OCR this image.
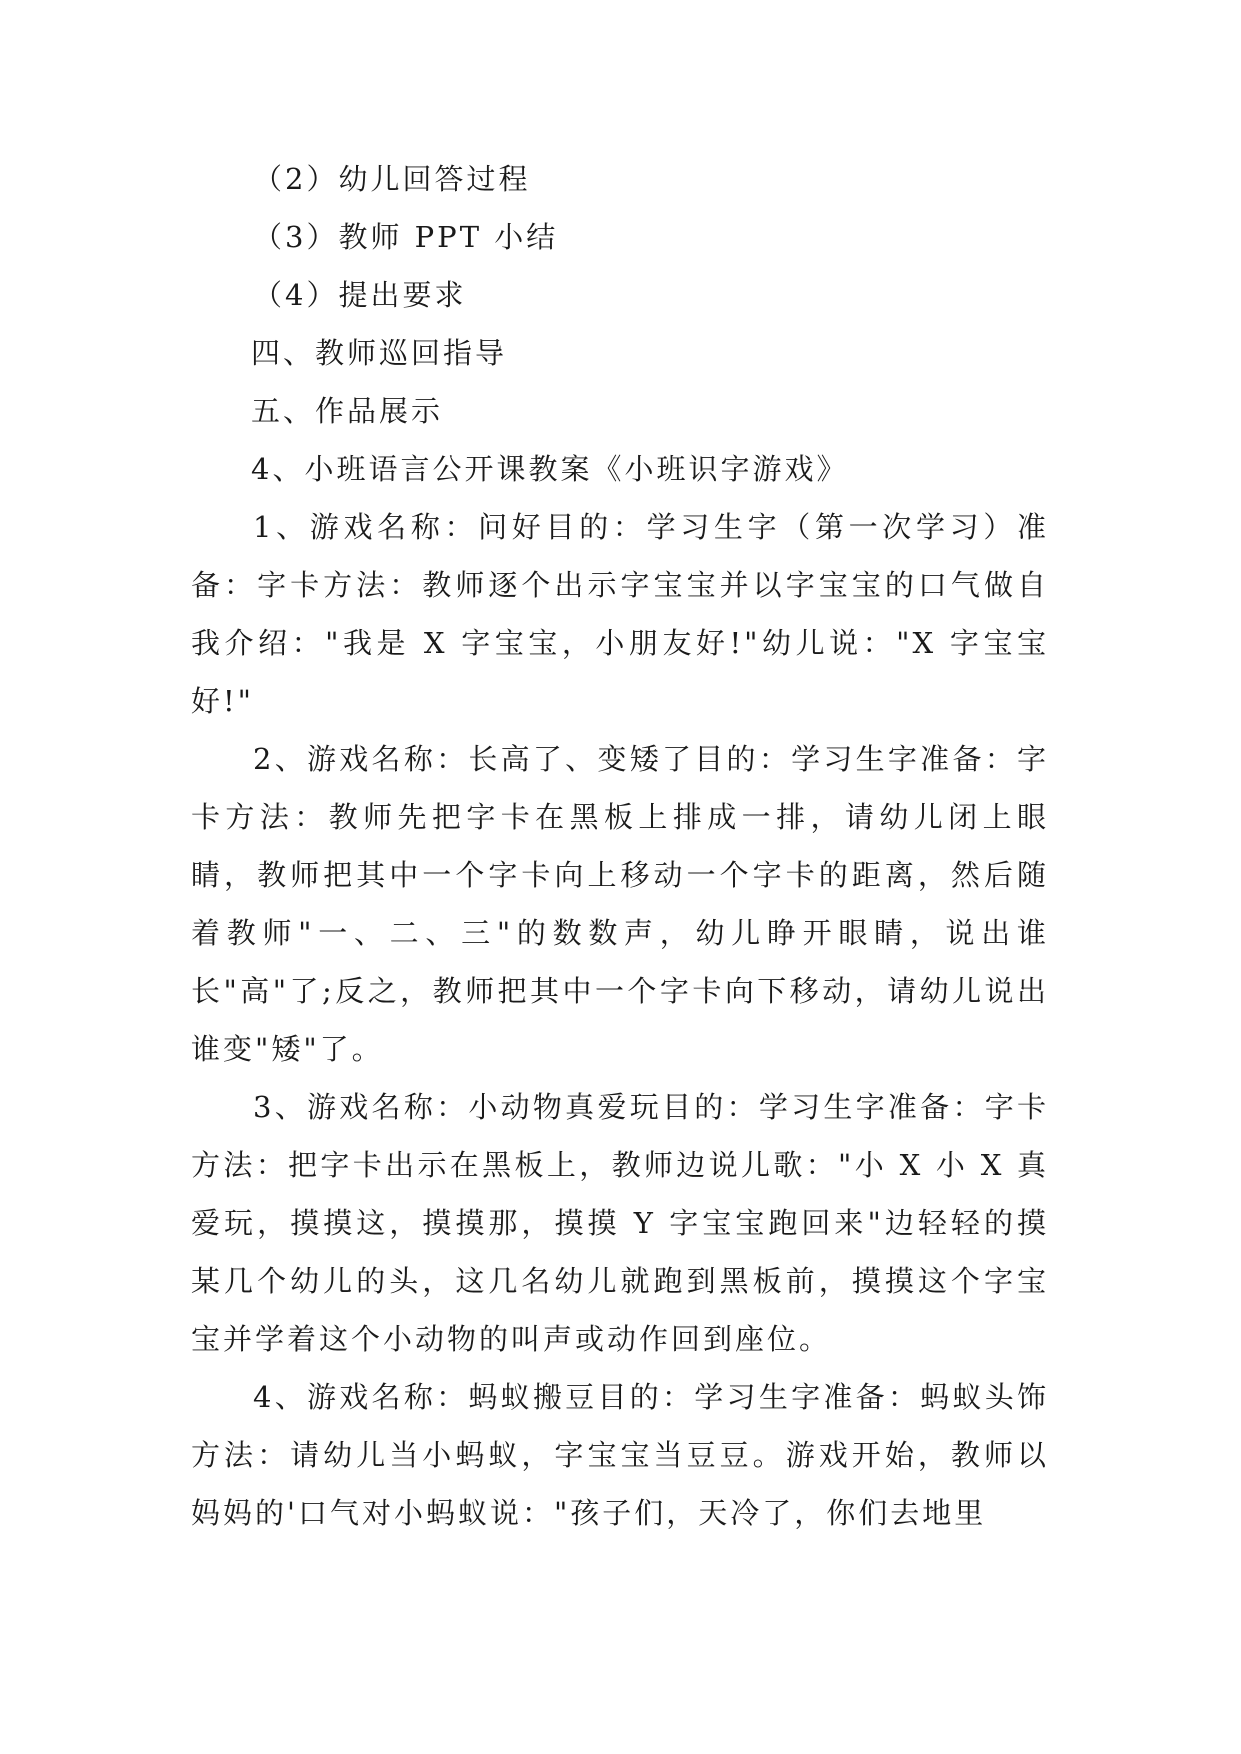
（2）幼儿回答过程
（3）教师 PPT 小结
（4）提出要求
四、教师巡回指导
五、作品展示
4、小班语言公开课教案《小班识字游戏》

1、游戏名称：问好目的：学习生字（第一次学习）准备：字卡方法：教师逐个出示字宝宝并以字宝宝的口气做自我介绍："我是 X 字宝宝，小朋友好!"幼儿说："X 字宝宝好!"

2、游戏名称：长高了、变矮了目的：学习生字准备：字卡方法：教师先把字卡在黑板上排成一排，请幼儿闭上眼睛，教师把其中一个字卡向上移动一个字卡的距离，然后随着教师"一、二、三"的数数声，幼儿睁开眼睛，说出谁长"高"了;反之，教师把其中一个字卡向下移动，请幼儿说出谁变"矮"了。

3、游戏名称：小动物真爱玩目的：学习生字准备：字卡方法：把字卡出示在黑板上，教师边说儿歌："小 X 小 X 真爱玩，摸摸这，摸摸那，摸摸 Y 字宝宝跑回来"边轻轻的摸某几个幼儿的头，这几名幼儿就跑到黑板前，摸摸这个字宝宝并学着这个小动物的叫声或动作回到座位。

4、游戏名称：蚂蚁搬豆目的：学习生字准备：蚂蚁头饰方法：请幼儿当小蚂蚁，字宝宝当豆豆。游戏开始，教师以妈妈的'口气对小蚂蚁说："孩子们，天冷了，你们去地里
